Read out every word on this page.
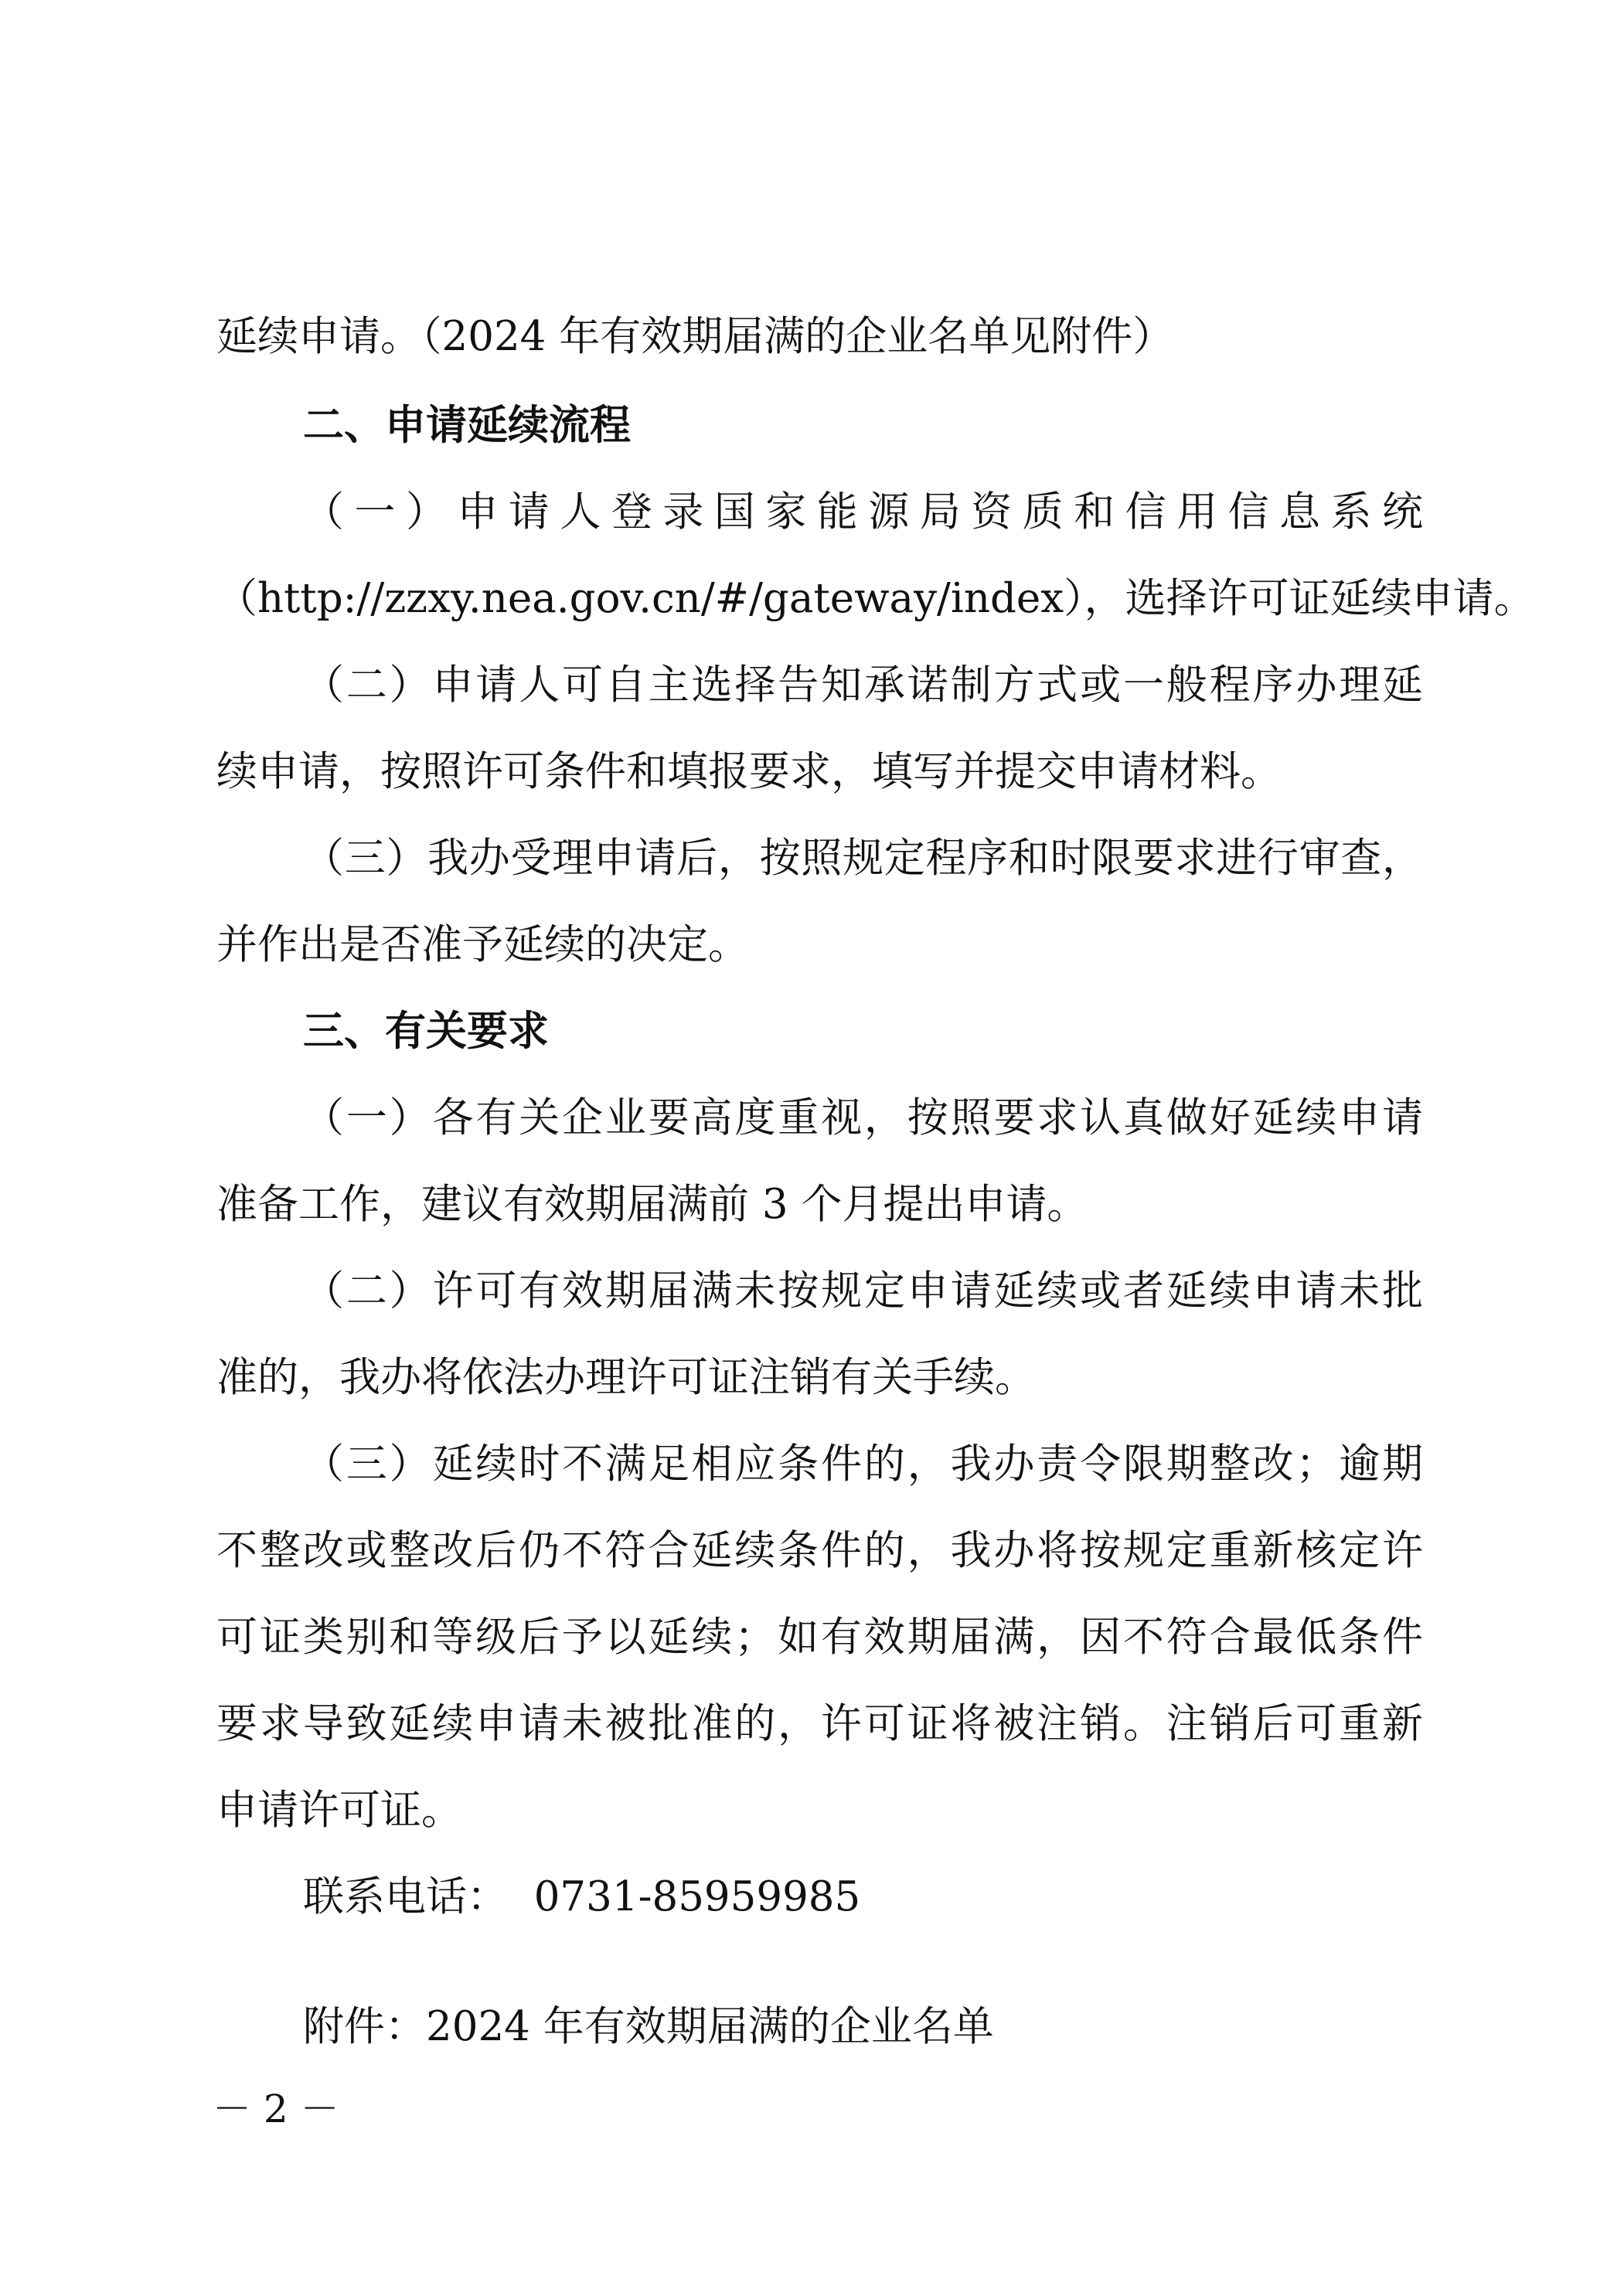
延续申请。（2024 年有效期届满的企业名单见附件）
二、申请延续流程
（一）申请人登录国家能源局资质和信用信息系统
（http://zzxy.nea.gov.cn/#/gateway/index），选择许可证延续申请。
（二）申请人可自主选择告知承诺制方式或一般程序办理延
续申请，按照许可条件和填报要求，填写并提交申请材料。
（三）我办受理申请后，按照规定程序和时限要求进行审查，
并作出是否准予延续的决定。
三、有关要求
（一）各有关企业要高度重视，按照要求认真做好延续申请
准备工作，建议有效期届满前 3 个月提出申请。
（二）许可有效期届满未按规定申请延续或者延续申请未批
准的，我办将依法办理许可证注销有关手续。
（三）延续时不满足相应条件的，我办责令限期整改；逾期
不整改或整改后仍不符合延续条件的，我办将按规定重新核定许
可证类别和等级后予以延续；如有效期届满，因不符合最低条件
要求导致延续申请未被批准的，许可证将被注销。注销后可重新
申请许可证。
联系电话：  0731-85959985
附件：2024 年有效期届满的企业名单
－ 2 －
